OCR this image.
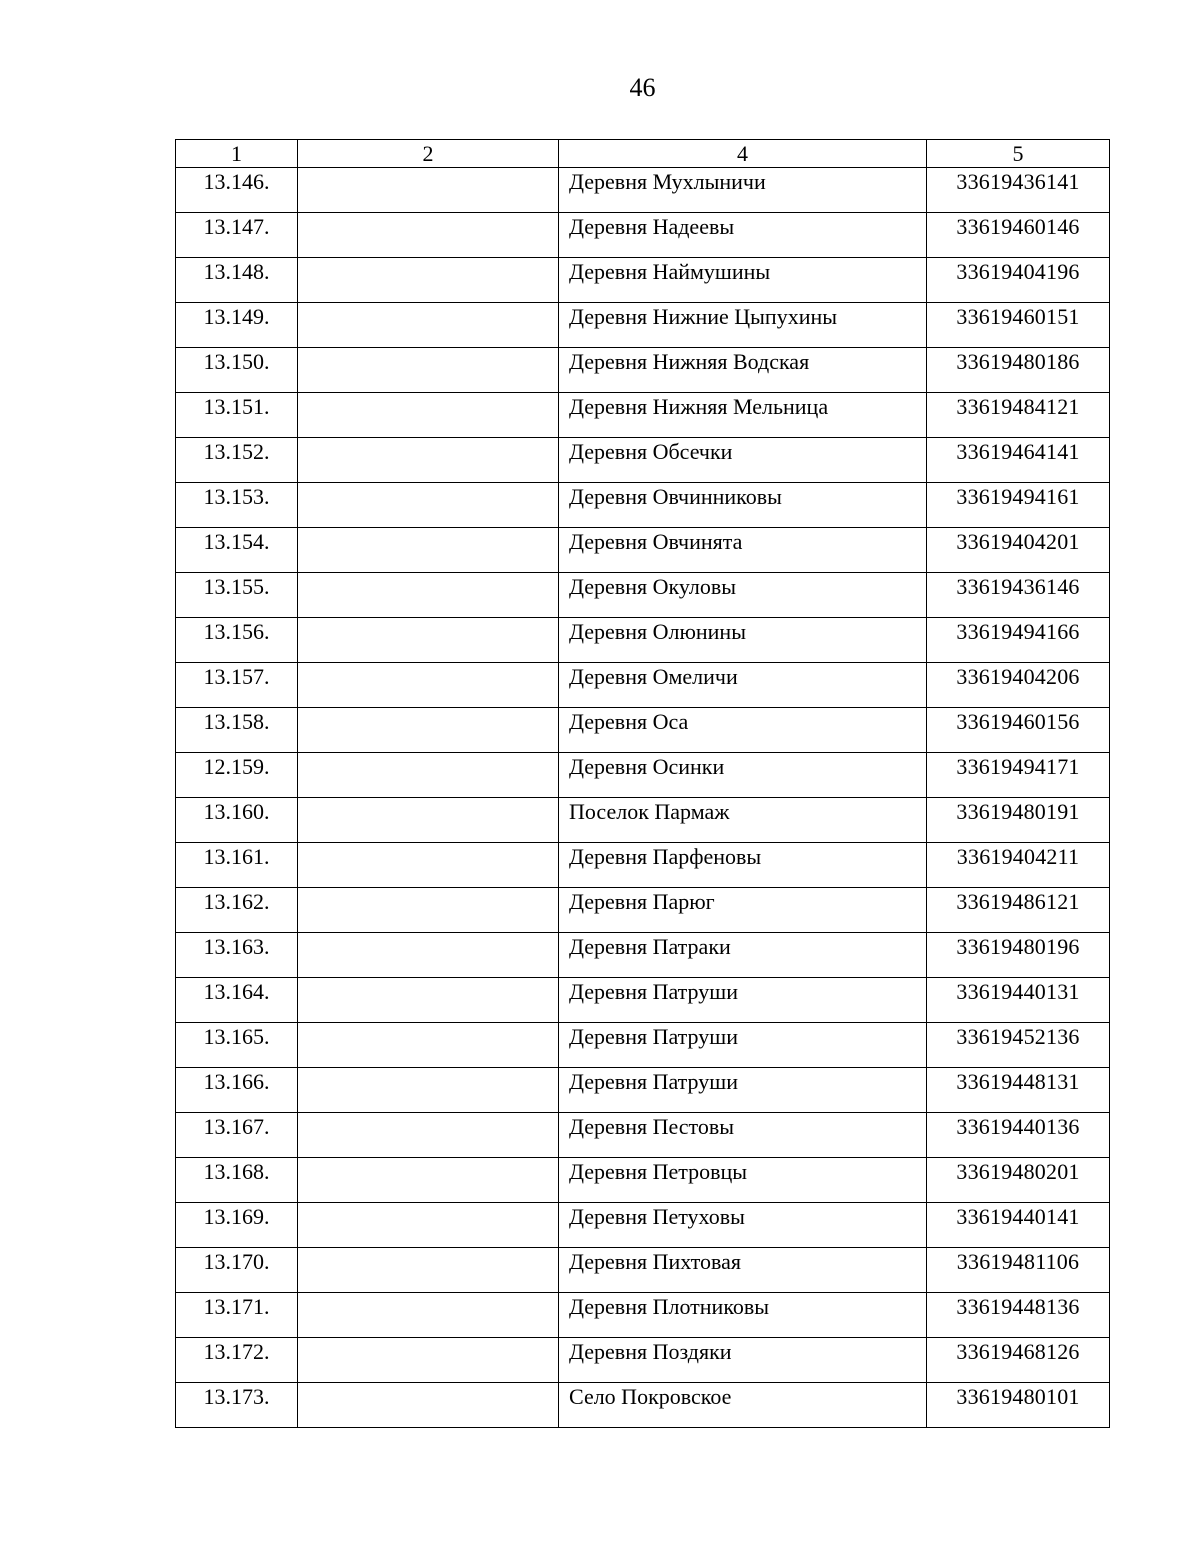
46
1	2	4	5
13.146.		Деревня Мухлыничи	33619436141
13.147.		Деревня Надеевы	33619460146
13.148.		Деревня Наймушины	33619404196
13.149.		Деревня Нижние Цыпухины	33619460151
13.150.		Деревня Нижняя Водская	33619480186
13.151.		Деревня Нижняя Мельница	33619484121
13.152.		Деревня Обсечки	33619464141
13.153.		Деревня Овчинниковы	33619494161
13.154.		Деревня Овчинята	33619404201
13.155.		Деревня Окуловы	33619436146
13.156.		Деревня Олюнины	33619494166
13.157.		Деревня Омеличи	33619404206
13.158.		Деревня Оса	33619460156
12.159.		Деревня Осинки	33619494171
13.160.		Поселок Пармаж	33619480191
13.161.		Деревня Парфеновы	33619404211
13.162.		Деревня Парюг	33619486121
13.163.		Деревня Патраки	33619480196
13.164.		Деревня Патруши	33619440131
13.165.		Деревня Патруши	33619452136
13.166.		Деревня Патруши	33619448131
13.167.		Деревня Пестовы	33619440136
13.168.		Деревня Петровцы	33619480201
13.169.		Деревня Петуховы	33619440141
13.170.		Деревня Пихтовая	33619481106
13.171.		Деревня Плотниковы	33619448136
13.172.		Деревня Поздяки	33619468126
13.173.		Село Покровское	33619480101
